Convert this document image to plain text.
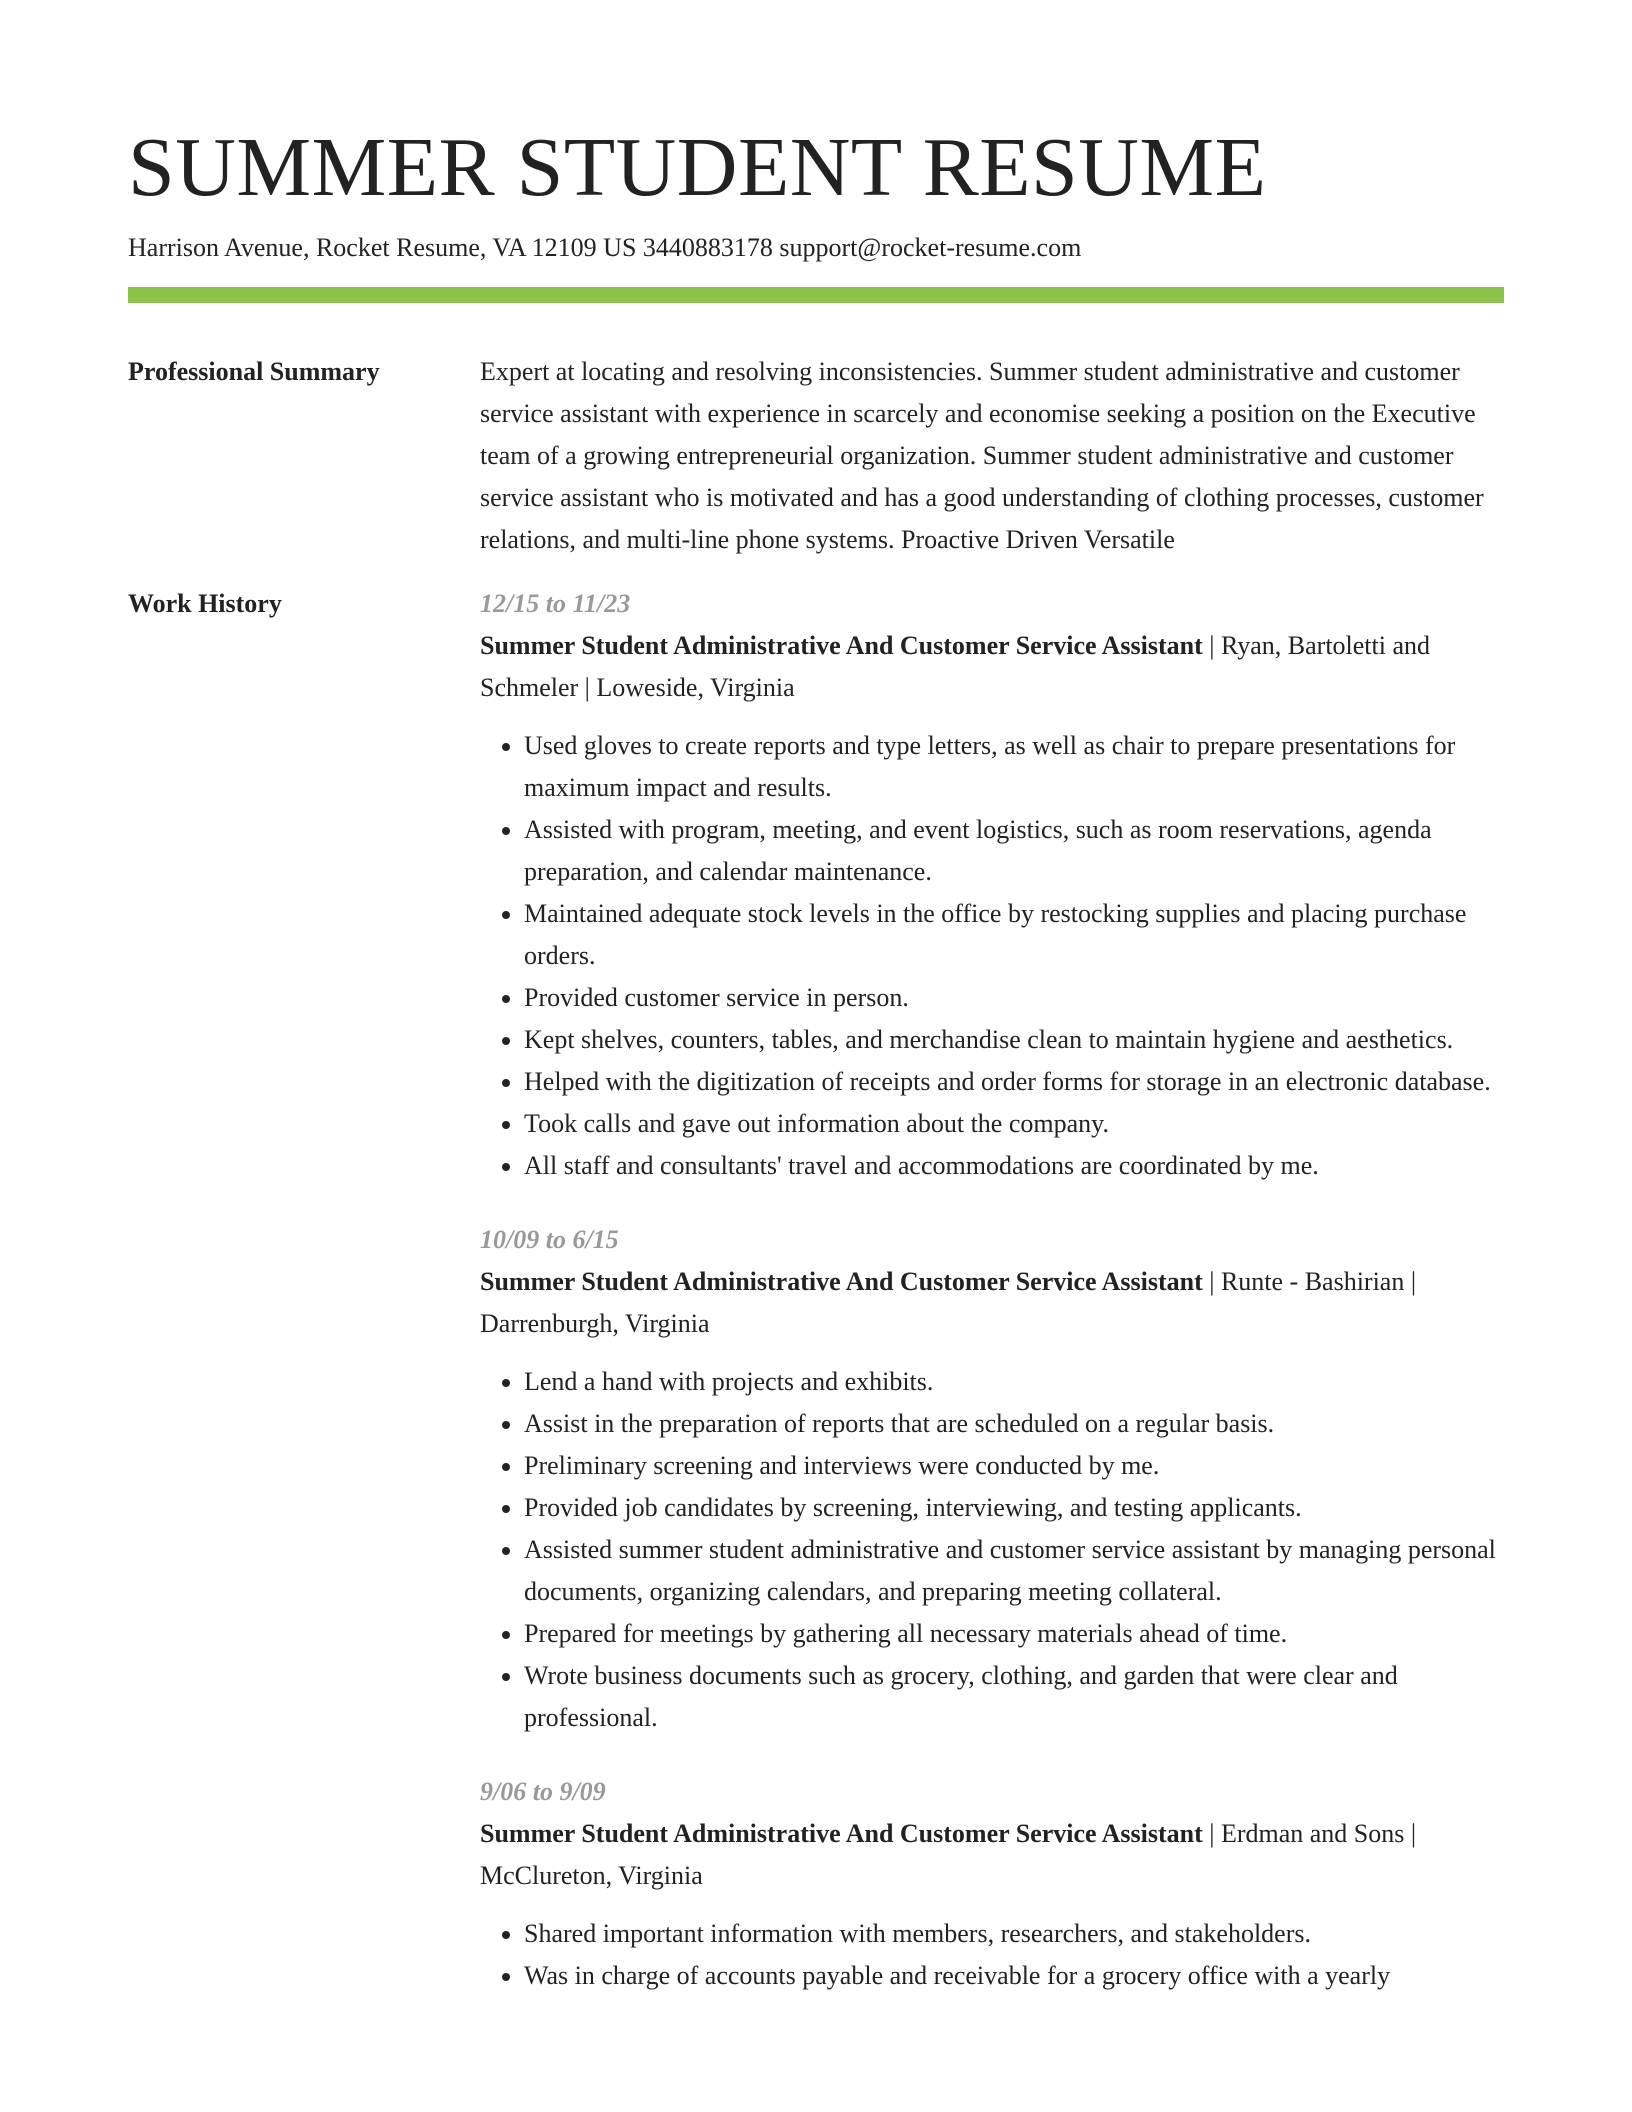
SUMMER STUDENT RESUME
Harrison Avenue, Rocket Resume, VA 12109 US 3440883178 support@rocket-resume.com
Professional Summary	Expert at locating and resolving inconsistencies. Summer student administrative and customer service assistant with experience in scarcely and economise seeking a position on the Executive team of a growing entrepreneurial organization. Summer student administrative and customer service assistant who is motivated and has a good understanding of clothing processes, customer relations, and multi-line phone systems. Proactive Driven Versatile
Work History	12/15 to 11/23
Summer Student Administrative And Customer Service Assistant | Ryan, Bartoletti and Schmeler | Loweside, Virginia
• Used gloves to create reports and type letters, as well as chair to prepare presentations for maximum impact and results.
• Assisted with program, meeting, and event logistics, such as room reservations, agenda preparation, and calendar maintenance.
• Maintained adequate stock levels in the office by restocking supplies and placing purchase orders.
• Provided customer service in person.
• Kept shelves, counters, tables, and merchandise clean to maintain hygiene and aesthetics.
• Helped with the digitization of receipts and order forms for storage in an electronic database.
• Took calls and gave out information about the company.
• All staff and consultants' travel and accommodations are coordinated by me.
10/09 to 6/15
Summer Student Administrative And Customer Service Assistant | Runte - Bashirian | Darrenburgh, Virginia
• Lend a hand with projects and exhibits.
• Assist in the preparation of reports that are scheduled on a regular basis.
• Preliminary screening and interviews were conducted by me.
• Provided job candidates by screening, interviewing, and testing applicants.
• Assisted summer student administrative and customer service assistant by managing personal documents, organizing calendars, and preparing meeting collateral.
• Prepared for meetings by gathering all necessary materials ahead of time.
• Wrote business documents such as grocery, clothing, and garden that were clear and professional.
9/06 to 9/09
Summer Student Administrative And Customer Service Assistant | Erdman and Sons | McClureton, Virginia
• Shared important information with members, researchers, and stakeholders.
• Was in charge of accounts payable and receivable for a grocery office with a yearly
